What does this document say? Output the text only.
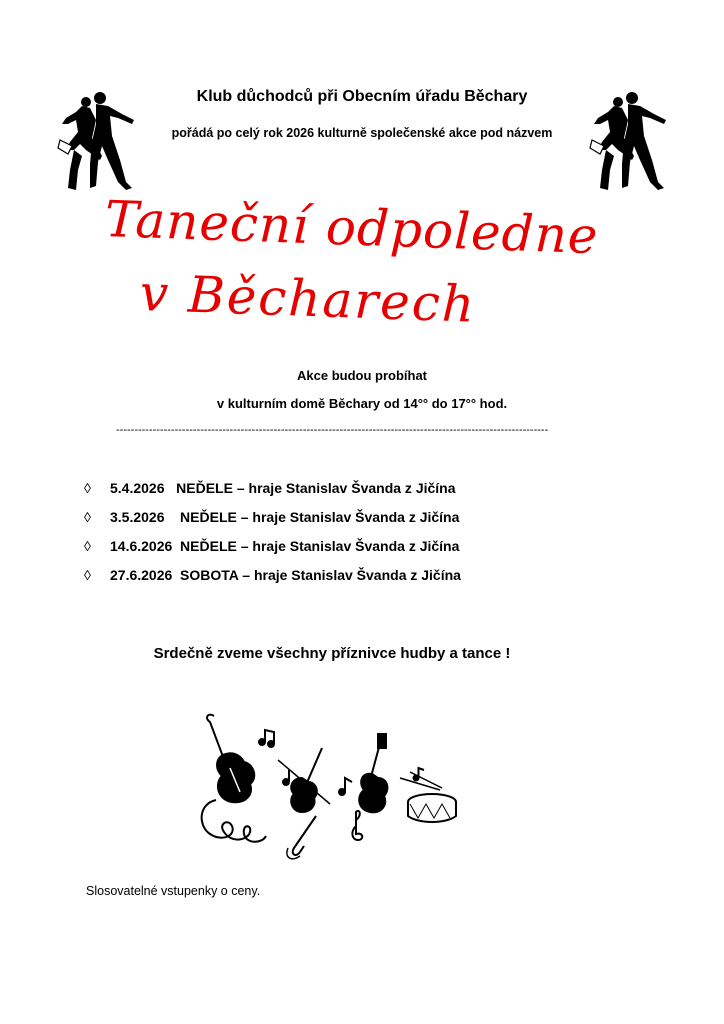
Klub důchodců při Obecním úřadu Běchary
pořádá po celý rok 2026 kulturně společenské akce pod názvem
Taneční odpoledne
v Běcharech
Akce budou probíhat
v kulturním domě Běchary od 14°° do 17°° hod.
----------------------------------------------------------------------------------------------------------------------
◊	5.4.2026   NEĎELE – hraje Stanislav Švanda z Jičína
◊	3.5.2026    NEĎELE – hraje Stanislav Švanda z Jičína
◊	14.6.2026  NEĎELE – hraje Stanislav Švanda z Jičína
◊	27.6.2026  SOBOTA – hraje Stanislav Švanda z Jičína
Srdečně zveme všechny příznivce hudby a tance !
Slosovatelné vstupenky o ceny.
